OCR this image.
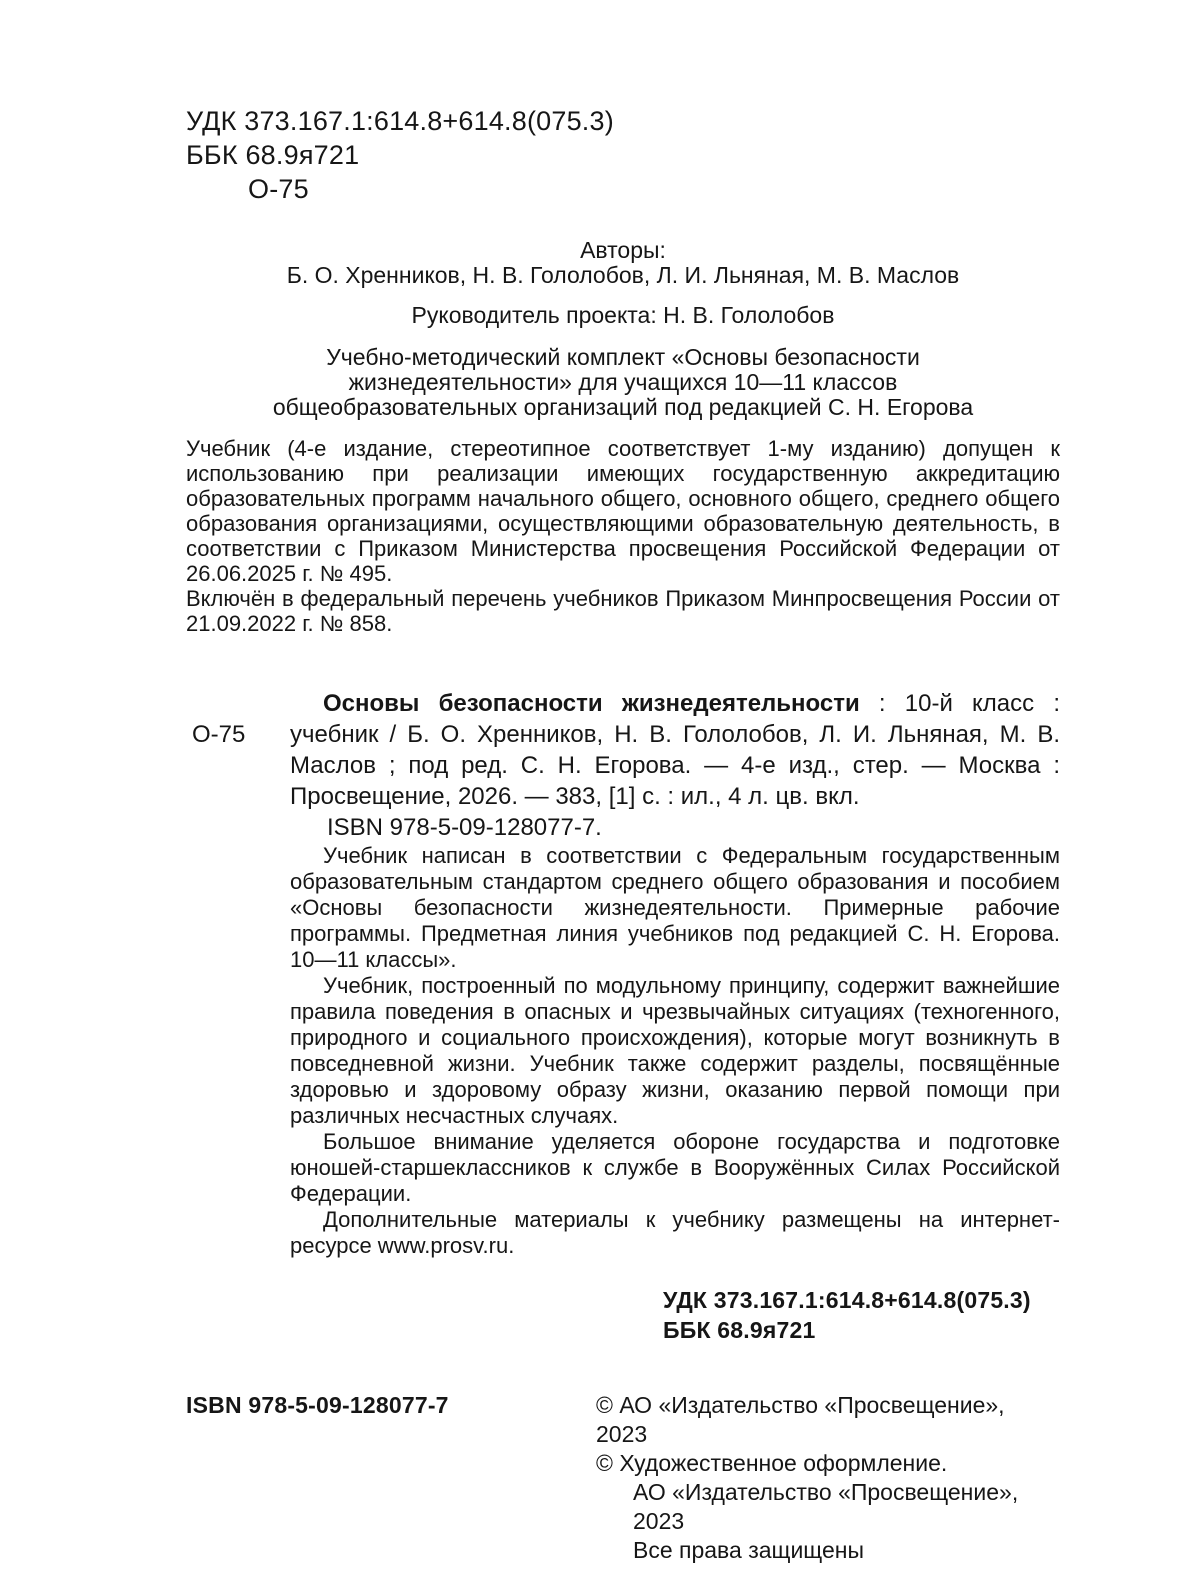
УДК 373.167.1:614.8+614.8(075.3)
ББК 68.9я721
О-75

Авторы:

Б. О. Хренников, Н. В. Гололобов, Л. И. Льняная, М. В. Маслов

Руководитель проекта: Н. В. Гололобов

Учебно-методический комплект «Основы безопасности

жизнедеятельности» для учащихся 10—11 классов

общеобразовательных организаций под редакцией С. Н. Егорова

Учебник (4-е издание, стереотипное соответствует 1-му изданию) допущен к использованию при реализации имеющих государственную аккредитацию образовательных программ начального общего, основного общего, среднего общего образования организациями, осуществляющими образовательную деятельность, в соответствии с Приказом Министерства просвещения Российской Федерации от 26.06.2025 г. № 495.

Включён в федеральный перечень учебников Приказом Минпросвещения России от 21.09.2022 г. № 858.

О-75

Основы безопасности жизнедеятельности : 10-й класс : учебник / Б. О. Хренников, Н. В. Гололобов, Л. И. Льняная, М. В. Маслов ; под ред. С. Н. Егорова. — 4-е изд., стер. — Москва : Просвещение, 2026. — 383, [1] с. : ил., 4 л. цв. вкл.

ISBN 978-5-09-128077-7.

Учебник написан в соответствии с Федеральным государственным образовательным стандартом среднего общего образования и пособием «Основы безопасности жизнедеятельности. Примерные рабочие программы. Предметная линия учебников под редакцией С. Н. Егорова. 10—11 классы».

Учебник, построенный по модульному принципу, содержит важнейшие правила поведения в опасных и чрезвычайных ситуациях (техногенного, природного и социального происхождения), которые могут возникнуть в повседневной жизни. Учебник также содержит разделы, посвящённые здоровью и здоровому образу жизни, оказанию первой помощи при различных несчастных случаях.

Большое внимание уделяется обороне государства и подготовке юношей-старшеклассников к службе в Вооружённых Силах Российской Федерации.

Дополнительные материалы к учебнику размещены на интернет-ресурсе www.prosv.ru.

УДК 373.167.1:614.8+614.8(075.3)
ББК 68.9я721
ISBN 978-5-09-128077-7	© АО «Издательство «Просвещение», 2023

© Художественное оформление.

АО «Издательство «Просвещение», 2023

Все права защищены
